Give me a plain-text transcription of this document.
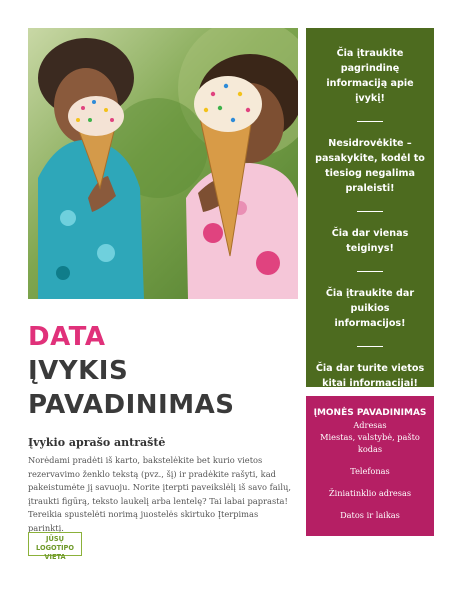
Čia įtraukite pagrindinę informaciją apie įvykį!

Nesidrovėkite – pasakykite, kodėl to tiesiog negalima praleisti!

Čia dar vienas teiginys!

Čia įtraukite dar puikios informacijos!

Čia dar turite vietos kitai informacijai!

DATA
ĮVYKIS
PAVADINIMAS
Įvykio aprašo antraštė

Norėdami pradėti iš karto, bakstelėkite bet kurio vietos rezervavimo ženklo tekstą (pvz., šį) ir pradėkite rašyti, kad pakeistumėte jį savuoju. Norite įterpti paveikslėlį iš savo failų, įtraukti figūrą, teksto laukelį arba lentelę? Tai labai paprasta! Tereikia spustelėti norimą juostelės skirtuko Įterpimas parinktį.

JŪSŲ LOGOTIPO
VIETA

ĮMONĖS PAVADINIMAS

Adresas

Miestas, valstybė, pašto
kodas

Telefonas

Žiniatinklio adresas

Datos ir laikas
